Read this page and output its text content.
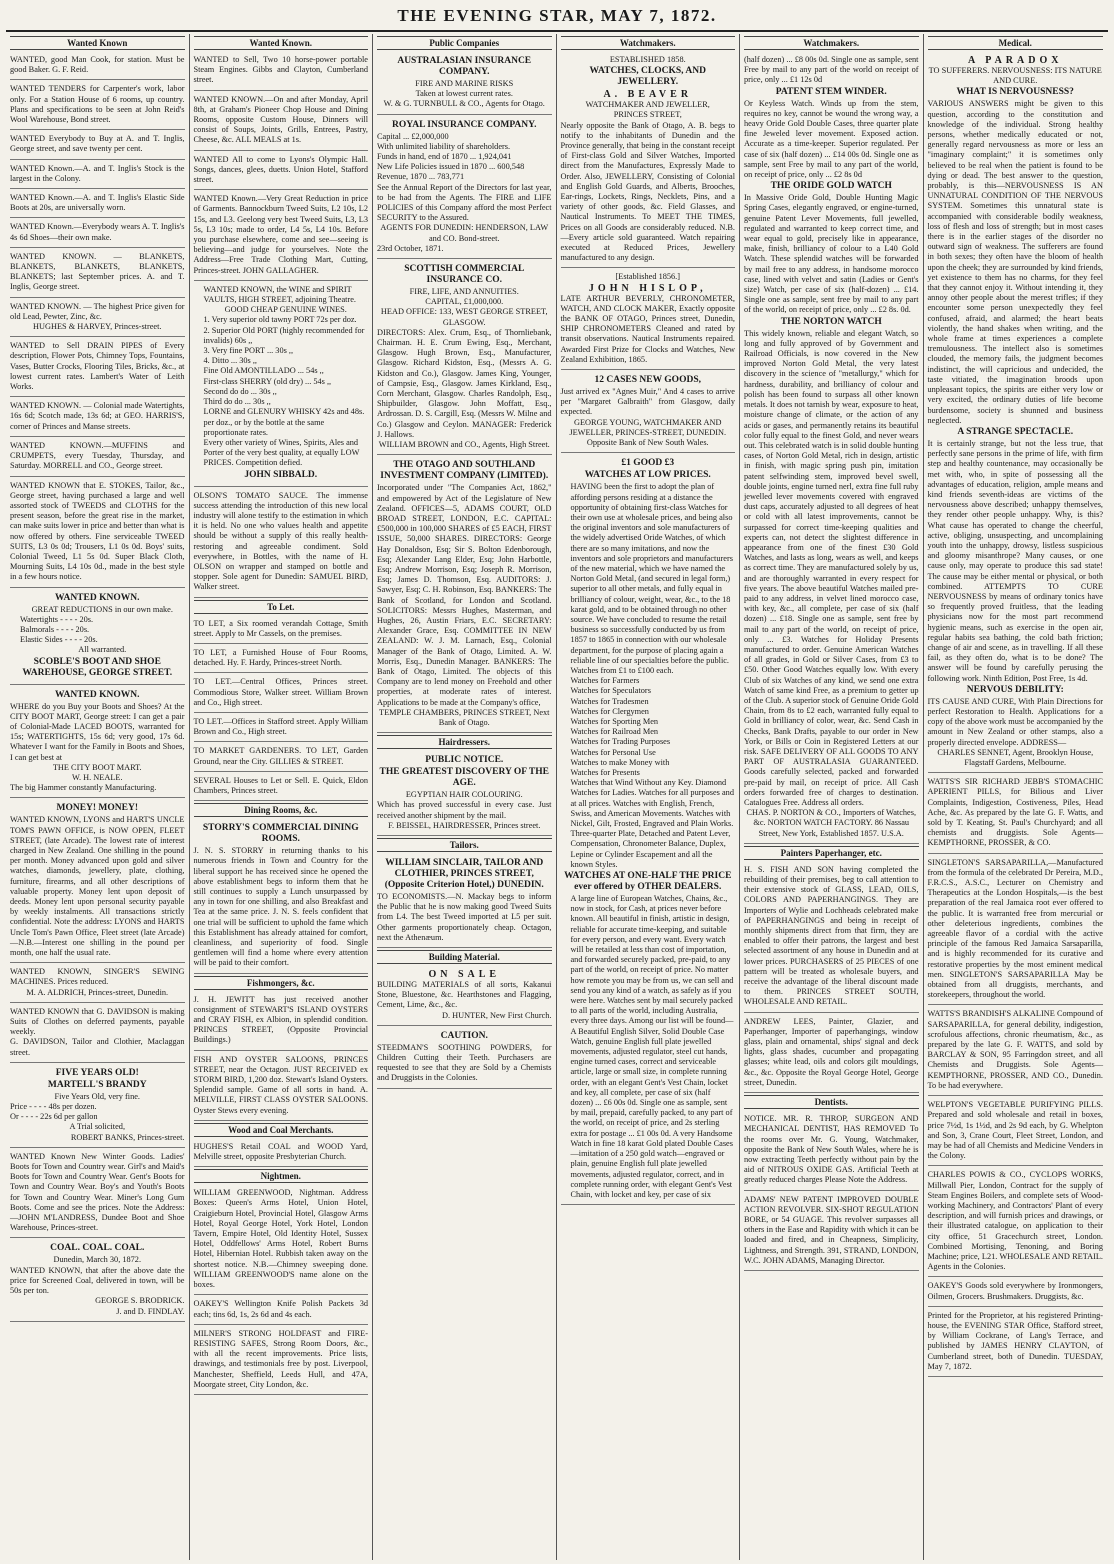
THE EVENING STAR, MAY 7, 1872.
Wanted Known

WANTED, good Man Cook, for station. Must be good Baker. G. F. Reid.

WANTED TENDERS for Carpenter's work, labor only. For a Station House of 6 rooms, up country. Plans and specifications to be seen at John Reid's Wool Warehouse, Bond street.

WANTED Everybody to Buy at A. and T. Inglis, George street, and save twenty per cent.

WANTED Known.—A. and T. Inglis's Stock is the largest in the Colony.

WANTED Known.—A. and T. Inglis's Elastic Side Boots at 20s, are universally worn.

WANTED Known.—Everybody wears A. T. Inglis's 4s 6d Shoes—their own make.

WANTED KNOWN. — BLANKETS, BLANKETS, BLANKETS, BLANKETS, BLANKETS; last September prices. A. and T. Inglis, George street.

WANTED KNOWN. — The highest Price given for old Lead, Pewter, Zinc, &c.

HUGHES & HARVEY, Princes-street.

WANTED to Sell DRAIN PIPES of Every description, Flower Pots, Chimney Tops, Fountains, Vases, Butter Crocks, Flooring Tiles, Bricks, &c., at lowest current rates. Lambert's Water of Leith Works.

WANTED KNOWN. — Colonial made Watertights, 16s 6d; Scotch made, 13s 6d; at GEO. HARRIS'S, corner of Princes and Manse streets.

WANTED KNOWN.—MUFFINS and CRUMPETS, every Tuesday, Thursday, and Saturday. MORRELL and CO., George street.

WANTED KNOWN that E. STOKES, Tailor, &c., George street, having purchased a large and well assorted stock of TWEEDS and CLOTHS for the present season, before the great rise in the market, can make suits lower in price and better than what is now offered by others. Fine serviceable TWEED SUITS, L3 0s 0d; Trousers, L1 0s 0d. Boys' suits, Colonial Tweed, L1 5s 0d. Super Black Cloth, Mourning Suits, L4 10s 0d., made in the best style in a few hours notice.

WANTED KNOWN.

GREAT REDUCTIONS in our own make.

Watertights - - - - 20s.

Balmorals - - - - 20s.

Elastic Sides - - - - 20s.

All warranted.

SCOBLE'S BOOT AND SHOE WAREHOUSE, GEORGE STREET.
WANTED KNOWN.

WHERE do you Buy your Boots and Shoes? At the CITY BOOT MART, George street: I can get a pair of Colonial-Made LACED BOOTS, warranted for 15s; WATERTIGHTS, 15s 6d; very good, 17s 6d. Whatever I want for the Family in Boots and Shoes, I can get best at

THE CITY BOOT MART.

W. H. NEALE.

The big Hammer constantly Manufacturing.

MONEY! MONEY!

WANTED KNOWN, LYONS and HART'S UNCLE TOM'S PAWN OFFICE, is NOW OPEN, FLEET STREET, (late Arcade). The lowest rate of interest charged in New Zealand. One shilling in the pound per month. Money advanced upon gold and silver watches, diamonds, jewellery, plate, clothing, furniture, firearms, and all other descriptions of valuable property. Money lent upon deposit of deeds. Money lent upon personal security payable by weekly instalments. All transactions strictly confidential. Note the address: LYONS and HARTS Uncle Tom's Pawn Office, Fleet street (late Arcade)—N.B.—Interest one shilling in the pound per month, one half the usual rate.

WANTED KNOWN, SINGER'S SEWING MACHINES. Prices reduced.

M. A. ALDRICH, Princes-street, Dunedin.

WANTED KNOWN that G. DAVIDSON is making Suits of Clothes on deferred payments, payable weekly.

G. DAVIDSON, Tailor and Clothier, Maclaggan street.

FIVE YEARS OLD!
MARTELL'S BRANDY

Five Years Old, very fine.

Price - - - - 48s per dozen.

Or - - - - 22s 6d per gallon

A Trial solicited,

ROBERT BANKS, Princes-street.

WANTED Known New Winter Goods. Ladies' Boots for Town and Country wear. Girl's and Maid's Boots for Town and Country Wear. Gent's Boots for Town and Country Wear. Boy's and Youth's Boots for Town and Country Wear. Miner's Long Gum Boots. Come and see the prices. Note the Address:—JOHN M'LANDRESS, Dundee Boot and Shoe Warehouse, Princes-street.

COAL. COAL. COAL.

Dunedin, March 30, 1872.

WANTED KNOWN, that after the above date the price for Screened Coal, delivered in town, will be 50s per ton.

GEORGE S. BRODRICK.

J. and D. FINDLAY.

Wanted Known.

WANTED to Sell, Two 10 horse-power portable Steam Engines. Gibbs and Clayton, Cumberland street.

WANTED KNOWN.—On and after Monday, April 8th, at Graham's Pioneer Chop House and Dining Rooms, opposite Custom House, Dinners will consist of Soups, Joints, Grills, Entrees, Pastry, Cheese, &c. ALL MEALS at 1s.

WANTED All to come to Lyons's Olympic Hall. Songs, dances, glees, duetts. Union Hotel, Stafford street.

WANTED Known.—Very Great Reduction in price of Garments. Bannockburn Tweed Suits, L2 10s, L2 15s, and L3. Geelong very best Tweed Suits, L3, L3 5s, L3 10s; made to order, L4 5s, L4 10s. Before you purchase elsewhere, come and see—seeing is believing—and judge for yourselves. Note the Address—Free Trade Clothing Mart, Cutting, Princes-street. JOHN GALLAGHER.

WANTED KNOWN, the WINE and SPIRIT VAULTS, HIGH STREET, adjoining Theatre.

GOOD CHEAP GENUINE WINES.

1. Very superior old tawny PORT 72s per doz.

2. Superior Old PORT (highly recommended for invalids) 60s ,,

3. Very fine PORT ... 30s ,,

4. Ditto ... 30s ,,

Fine Old AMONTILLADO ... 54s ,,

First-class SHERRY (old dry) ... 54s ,,

Second do do ... 30s ,,

Third do do ... 30s ,,

LORNE and GLENURY WHISKY 42s and 48s. per doz., or by the bottle at the same proportionate rates.

Every other variety of Wines, Spirits, Ales and Porter of the very best quality, at equally LOW PRICES. Competition defied.

JOHN SIBBALD.

OLSON'S TOMATO SAUCE. The immense success attending the introduction of this new local industry will alone testify to the estimation in which it is held. No one who values health and appetite should be without a supply of this really health-restoring and agreeable condiment. Sold everywhere, in Bottles, with the name of H. OLSON on wrapper and stamped on bottle and stopper. Sole agent for Dunedin: SAMUEL BIRD, Walker street.

To Let.

TO LET, a Six roomed verandah Cottage, Smith street. Apply to Mr Cassels, on the premises.

TO LET, a Furnished House of Four Rooms, detached. Hy. F. Hardy, Princes-street North.

TO LET.—Central Offices, Princes street. Commodious Store, Walker street. William Brown and Co., High street.

TO LET.—Offices in Stafford street. Apply William Brown and Co., High street.

TO MARKET GARDENERS. TO LET, Garden Ground, near the City. GILLIES & STREET.

SEVERAL Houses to Let or Sell. E. Quick, Eldon Chambers, Princes street.

Dining Rooms, &c.
STORRY'S COMMERCIAL DINING ROOMS.

J. N. S. STORRY in returning thanks to his numerous friends in Town and Country for the liberal support he has received since he opened the above establishment begs to inform them that he still continues to supply a Lunch unsurpassed by any in town for one shilling, and also Breakfast and Tea at the same price. J. N. S. feels confident that one trial will be sufficient to uphold the fame which this Establishment has already attained for comfort, cleanliness, and superiority of food. Single gentlemen will find a home where every attention will be paid to their comfort.

Fishmongers, &c.

J. H. JEWITT has just received another consignment of STEWART'S ISLAND OYSTERS and CRAY FISH, ex Albion, in splendid condition. PRINCES STREET, (Opposite Provincial Buildings.)

FISH AND OYSTER SALOONS, PRINCES STREET, near the Octagon. JUST RECEIVED ex STORM BIRD, 1,200 doz. Stewart's Island Oysters. Splendid sample. Game of all sorts in hand. A. MELVILLE, FIRST CLASS OYSTER SALOONS. Oyster Stews every evening.

Wood and Coal Merchants.

HUGHES'S Retail COAL and WOOD Yard, Melville street, opposite Presbyterian Church.

Nightmen.

WILLIAM GREENWOOD, Nightman. Address Boxes: Queen's Arms Hotel, Union Hotel, Craigieburn Hotel, Provincial Hotel, Glasgow Arms Hotel, Royal George Hotel, York Hotel, London Tavern, Empire Hotel, Old Identity Hotel, Sussex Hotel, Oddfellows' Arms Hotel, Robert Burns Hotel, Hibernian Hotel. Rubbish taken away on the shortest notice. N.B.—Chimney sweeping done. WILLIAM GREENWOOD'S name alone on the boxes.

OAKEY'S Wellington Knife Polish Packets 3d each; tins 6d, 1s, 2s 6d and 4s each.

MILNER'S STRONG HOLDFAST and FIRE-RESISTING SAFES, Strong Room Doors, &c., with all the recent improvements. Price lists, drawings, and testimonials free by post. Liverpool, Manchester, Sheffield, Leeds Hull, and 47A, Moorgate street, City London, &c.

Public Companies
AUSTRALASIAN INSURANCE COMPANY.

FIRE AND MARINE RISKS

Taken at lowest current rates.

W. & G. TURNBULL & CO., Agents for Otago.

ROYAL INSURANCE COMPANY.

Capital ... £2,000,000

With unlimited liability of shareholders.

Funds in hand, end of 1870 ... 1,924,041

New Life Policies issued in 1870 ... 600,548

Revenue, 1870 ... 783,771

See the Annual Report of the Directors for last year, to be had from the Agents. The FIRE and LIFE POLICIES of this Company afford the most Perfect SECURITY to the Assured.

AGENTS FOR DUNEDIN: HENDERSON, LAW and CO. Bond-street.

23rd October, 1871.

SCOTTISH COMMERCIAL INSURANCE CO.

FIRE, LIFE, AND ANNUITIES.

CAPITAL, £1,000,000.

HEAD OFFICE: 133, WEST GEORGE STREET, GLASGOW.

DIRECTORS: Alex. Crum, Esq., of Thornliebank, Chairman. H. E. Crum Ewing, Esq., Merchant, Glasgow. Hugh Brown, Esq., Manufacturer, Glasgow. Richard Kidston, Esq., (Messrs A. G. Kidston and Co.), Glasgow. James King, Younger, of Campsie, Esq., Glasgow. James Kirkland, Esq., Corn Merchant, Glasgow. Charles Randolph, Esq., Shipbuilder, Glasgow. John Moffatt, Esq., Ardrossan. D. S. Cargill, Esq. (Messrs W. Milne and Co.) Glasgow and Ceylon. MANAGER: Frederick J. Hallows.

WILLIAM BROWN and CO., Agents, High Street.

THE OTAGO AND SOUTHLAND INVESTMENT COMPANY (LIMITED).

Incorporated under "The Companies Act, 1862," and empowered by Act of the Legislature of New Zealand. OFFICES—5, ADAMS COURT, OLD BROAD STREET, LONDON, E.C. CAPITAL: £500,000 in 100,000 SHARES of £5 EACH, FIRST ISSUE, 50,000 SHARES. DIRECTORS: George Hay Donaldson, Esq; Sir S. Bolton Edenborough, Esq; Alexander Lang Elder, Esq; John Harbottle, Esq; Andrew Morrison, Esq; Joseph R. Morrison, Esq; James D. Thomson, Esq. AUDITORS: J. Sawyer, Esq; C. H. Robinson, Esq. BANKERS: The Bank of Scotland, for London and Scotland. SOLICITORS: Messrs Hughes, Masterman, and Hughes, 26, Austin Friars, E.C. SECRETARY: Alexander Grace, Esq. COMMITTEE IN NEW ZEALAND: W. J. M. Larnach, Esq., Colonial Manager of the Bank of Otago, Limited. A. W. Morris, Esq., Dunedin Manager. BANKERS: The Bank of Otago, Limited. The objects of this Company are to lend money on Freehold and other properties, at moderate rates of interest. Applications to be made at the Company's office,

TEMPLE CHAMBERS, PRINCES STREET, Next Bank of Otago.

Hairdressers.
PUBLIC NOTICE.
THE GREATEST DISCOVERY OF THE AGE.

EGYPTIAN HAIR COLOURING.

Which has proved successful in every case. Just received another shipment by the mail.

F. BEISSEL, HAIRDRESSER, Princes street.

Tailors.
WILLIAM SINCLAIR, TAILOR AND CLOTHIER, PRINCES STREET, (Opposite Criterion Hotel,) DUNEDIN.

TO ECONOMISTS.—N. Mackay begs to inform the Public that he is now making good Tweed Suits from L4. The best Tweed imported at L5 per suit. Other garments proportionately cheap. Octagon, next the Athenæum.

Building Material.
ON SALE

BUILDING MATERIALS of all sorts, Kakanui Stone, Bluestone, &c. Hearthstones and Flagging, Cement, Lime, &c., &c.

D. HUNTER, New First Church.

CAUTION.

STEEDMAN'S SOOTHING POWDERS, for Children Cutting their Teeth. Purchasers are requested to see that they are Sold by a Chemists and Druggists in the Colonies.

Watchmakers.

ESTABLISHED 1858.

WATCHES, CLOCKS, AND JEWELLERY.
A. BEAVER

WATCHMAKER AND JEWELLER,

PRINCES STREET,

Nearly opposite the Bank of Otago, A. B. begs to notify to the inhabitants of Dunedin and the Province generally, that being in the constant receipt of First-class Gold and Silver Watches, Imported direct from the Manufactures, Expressly Made to Order. Also, JEWELLERY, Consisting of Colonial and English Gold Guards, and Alberts, Brooches, Ear-rings, Lockets, Rings, Necklets, Pins, and a variety of other goods, &c. Field Glasses, and Nautical Instruments. To MEET THE TIMES, Prices on all Goods are considerably reduced. N.B.—Every article sold guaranteed. Watch repairing executed at Reduced Prices, Jewellery manufactured to any design.

[Established 1856.]

JOHN HISLOP,

LATE ARTHUR BEVERLY, CHRONOMETER, WATCH, AND CLOCK MAKER, Exactly opposite the BANK OF OTAGO, Princes street, Dunedin, SHIP CHRONOMETERS Cleaned and rated by transit observations. Nautical Instruments repaired. Awarded First Prize for Clocks and Watches, New Zealand Exhibition, 1865.

12 CASES NEW GOODS,

Just arrived ex "Agnes Muir," And 4 cases to arrive per "Margaret Galbraith" from Glasgow, daily expected.

GEORGE YOUNG, WATCHMAKER AND JEWELLER, PRINCES-STREET, DUNEDIN. Opposite Bank of New South Wales.

£1 GOOD £3
WATCHES AT LOW PRICES.

HAVING been the first to adopt the plan of affording persons residing at a distance the opportunity of obtaining first-class Watches for their own use at wholesale prices, and being also the original inventors and sole manufacturers of the widely advertised Oride Watches, of which there are so many imitations, and now the inventors and sole proprietors and manufacturers of the new material, which we have named the Norton Gold Metal, (and secured in legal form,) superior to all other metals, and fully equal in brilliancy of colour, weight, wear, &c., to the 18 karat gold, and to be obtained through no other source. We have concluded to resume the retail business so successfully conducted by us from 1857 to 1865 in connection with our wholesale department, for the purpose of placing again a reliable line of our specialties before the public.

Watches from £1 to £100 each.

Watches for Farmers

Watches for Speculators

Watches for Tradesmen

Watches for Clergymen

Watches for Sporting Men

Watches for Railroad Men

Watches for Trading Purposes

Watches for Personal Use

Watches to make Money with

Watches for Presents

Watches that Wind Without any Key. Diamond Watches for Ladies. Watches for all purposes and at all prices. Watches with English, French, Swiss, and American Movements. Watches with Nickel, Gilt, Frosted, Engraved and Plain Works. Three-quarter Plate, Detached and Patent Lever, Compensation, Chronometer Balance, Duplex, Lepine or Cylinder Escapement and all the known Styles.

WATCHES AT ONE-HALF THE PRICE ever offered by OTHER DEALERS.

A large line of European Watches, Chains, &c., now in stock, for Cash, at prices never before known. All beautiful in finish, artistic in design, reliable for accurate time-keeping, and suitable for every person, and every want. Every watch will be retailed at less than cost of importation, and forwarded securely packed, pre-paid, to any part of the world, on receipt of price. No matter how remote you may be from us, we can sell and send you any kind of a watch, as safely as if you were here. Watches sent by mail securely packed to all parts of the world, including Australia, every three days. Among our list will be found—A Beautiful English Silver, Solid Double Case Watch, genuine English full plate jewelled movements, adjusted regulator, steel cut hands, engine turned cases, correct and serviceable article, large or small size, in complete running order, with an elegant Gent's Vest Chain, locket and key, all complete, per case of six (half dozen) ... £6 00s 0d. Single one as sample, sent by mail, prepaid, carefully packed, to any part of the world, on receipt of price, and 2s sterling extra for postage ... £1 00s 0d. A very Handsome Watch in fine 18 karat Gold plated Double Cases—imitation of a 250 gold watch—engraved or plain, genuine English full plate jewelled movements, adjusted regulator, correct, and in complete running order, with elegant Gent's Vest Chain, with locket and key, per case of six

Watchmakers.

(half dozen) ... £8 00s 0d. Single one as sample, sent Free by mail to any part of the world on receipt of price, only ... £1 12s 0d

PATENT STEM WINDER.

Or Keyless Watch. Winds up from the stem, requires no key, cannot be wound the wrong way, a heavy Oride Gold Double Cases, three quarter plate fine Jeweled lever movement. Exposed action. Accurate as a time-keeper. Superior regulated. Per case of six (half dozen) ... £14 00s 0d. Single one as sample, sent Free by mail to any part of the world, on receipt of price, only ... £2 8s 0d

THE ORIDE GOLD WATCH

In Massive Oride Gold, Double Hunting Magic Spring Cases, elegantly engraved, or engine-turned, genuine Patent Lever Movements, full jewelled, regulated and warranted to keep correct time, and wear equal to gold, precisely like in appearance, make, finish, brilliancy of colour to a L40 Gold Watch. These splendid watches will be forwarded by mail free to any address, in handsome morocco case, lined with velvet and satin (Ladies or Gent's size) Watch, per case of six (half-dozen) ... £14. Single one as sample, sent free by mail to any part of the world, on receipt of price, only ... £2 8s. 0d.

THE NORTON WATCH

This widely known, reliable and elegant Watch, so long and fully approved of by Government and Railroad Officials, is now covered in the New improved Norton Gold Metal, the very latest discovery in the science of "metallurgy," which for hardness, durability, and brilliancy of colour and polish has been found to surpass all other known metals. It does not tarnish by wear, exposure to heat, moisture change of climate, or the action of any acids or gases, and permanently retains its beautiful color fully equal to the finest Gold, and never wears out. This celebrated watch is in solid double hunting cases, of Norton Gold Metal, rich in design, artistic in finish, with magic spring push pin, imitation patent selfwinding stem, improved bevel swell, double joints, engine turned nerl, extra fine full ruby jewelled lever movements covered with engraved dust caps, accurately adjusted to all degrees of heat or cold with all latest improvements, cannot be surpassed for correct time-keeping qualities and experts can, not detect the slightest difference in appearance from one of the finest £30 Gold Watches, and lasts as long, wears as well, and keeps as correct time. They are manufactured solely by us, and are thoroughly warranted in every respect for five years. The above beautiful Watches mailed pre-paid to any address, in velvet lined morocco case, with key, &c., all complete, per case of six (half dozen) ... £18. Single one as sample, sent free by mail to any part of the world, on receipt of price, only ... £3. Watches for Holiday Presents manufactured to order. Genuine American Watches of all grades, in Gold or Silver Cases, from £3 to £50. Other Good Watches equally low. With every Club of six Watches of any kind, we send one extra Watch of same kind Free, as a premium to getter up of the Club. A superior stock of Genuine Oride Gold Chain, from 8s to £2 each, warranted fully equal to Gold in brilliancy of color, wear, &c. Send Cash in Checks, Bank Drafts, payable to our order in New York, or Bills or Coin in Registered Letters at our risk. SAFE DELIVERY OF ALL GOODS TO ANY PART OF AUSTRALASIA GUARANTEED. Goods carefully selected, packed and forwarded pre-paid by mail, on receipt of price. All Cash orders forwarded free of charges to destination. Catalogues Free. Address all orders.

CHAS. P. NORTON & CO., Importers of Watches, &c. NORTON WATCH FACTORY. 86 Nassau Street, New York, Established 1857. U.S.A.

Painters Paperhanger, etc.

H. S. FISH AND SON having completed the rebuilding of their premises, beg to call attention to their extensive stock of GLASS, LEAD, OILS, COLORS AND PAPERHANGINGS. They are Importers of Wylie and Lochheads celebrated make of PAPERHANGINGS and being in receipt of monthly shipments direct from that firm, they are enabled to offer their patrons, the largest and best selected assortment of any house in Dunedin and at lower prices. PURCHASERS of 25 PIECES of one pattern will be treated as wholesale buyers, and receive the advantage of the liberal discount made to them. PRINCES STREET SOUTH, WHOLESALE AND RETAIL.

ANDREW LEES, Painter, Glazier, and Paperhanger, Importer of paperhangings, window glass, plain and ornamental, ships' signal and deck lights, glass shades, cucumber and propagating glasses; white lead, oils and colors gilt mouldings, &c., &c. Opposite the Royal George Hotel, George street, Dunedin.

Dentists.

NOTICE. MR. R. THROP, SURGEON AND MECHANICAL DENTIST, HAS REMOVED To the rooms over Mr. G. Young, Watchmaker, opposite the Bank of New South Wales, where he is now extracting Teeth perfectly without pain by the aid of NITROUS OXIDE GAS. Artificial Teeth at greatly reduced charges Please Note the Address.

ADAMS' NEW PATENT IMPROVED DOUBLE ACTION REVOLVER. SIX-SHOT REGULATION BORE, or 54 GUAGE. This revolver surpasses all others in the Ease and Rapidity with which it can be loaded and fired, and in Cheapness, Simplicity, Lightness, and Strength. 391, STRAND, LONDON, W.C. JOHN ADAMS, Managing Director.

Medical.
A PARADOX

TO SUFFERERS. NERVOUSNESS: ITS NATURE AND CURE.

WHAT IS NERVOUSNESS?

VARIOUS ANSWERS might be given to this question, according to the constitution and knowledge of the individual. Strong healthy persons, whether medically educated or not, generally regard nervousness as more or less an "imaginary complaint;" it is sometimes only believed to be real when the patient is found to be dying or dead. The best answer to the question, probably, is this—NERVOUSNESS IS AN UNNATURAL CONDITION OF THE NERVOUS SYSTEM. Sometimes this unnatural state is accompanied with considerable bodily weakness, loss of flesh and loss of strength; but in most cases there is in the earlier stages of the disorder no outward sign of weakness. The sufferers are found in both sexes; they often have the bloom of health upon the cheek; they are surrounded by kind friends, yet existence to them has no charms, for they feel that they cannot enjoy it. Without intending it, they annoy other people about the merest trifles; if they encounter some person unexpectedly they feel confused, afraid, and alarmed; the heart beats violently, the hand shakes when writing, and the whole frame at times experiences a complete tremulousness. The intellect also is sometimes clouded, the memory fails, the judgment becomes indistinct, the will capricious and undecided, the taste vitiated, the imagination broods upon unpleasant topics, the spirits are either very low or very excited, the ordinary duties of life become burdensome, society is shunned and business neglected.

A STRANGE SPECTACLE.

It is certainly strange, but not the less true, that perfectly sane persons in the prime of life, with firm step and healthy countenance, may occasionally be met with, who, in spite of possessing all the advantages of education, religion, ample means and kind friends seventh-ideas are victims of the nervousness above described; unhappy themselves, they render other people unhappy. Why, is this? What cause has operated to change the cheerful, active, obliging, unsuspecting, and uncomplaining youth into the unhappy, drowsy, listless suspicious and gloomy misanthrope? Many causes, or one cause only, may operate to produce this sad state! The cause may be either mental or physical, or both combined. ATTEMPTS TO CURE NERVOUSNESS by means of ordinary tonics have so frequently proved fruitless, that the leading physicians now for the most part recommend hygienic means, such as exercise in the open air, regular habits sea bathing, the cold bath friction; change of air and scene, as in travelling. If all these fail, as they often do, what is to be done? The answer will be found by carefully perusing the following work. Ninth Edition, Post Free, 1s 4d.

NERVOUS DEBILITY:

ITS CAUSE AND CURE, With Plain Directions for perfect Restoration to Health. Applications for a copy of the above work must be accompanied by the amount in New Zealand or other stamps, also a properly directed envelope. ADDRESS—

CHARLES SENNET, Agent, Brooklyn House, Flagstaff Gardens, Melbourne.

WATTS'S SIR RICHARD JEBB'S STOMACHIC APERIENT PILLS, for Bilious and Liver Complaints, Indigestion, Costiveness, Piles, Head Ache, &c. As prepared by the late G. F. Watts, and sold by T. Keating, St. Paul's Churchyard; and all chemists and druggists. Sole Agents—KEMPTHORNE, PROSSER, & CO.

SINGLETON'S SARSAPARILLA,—Manufactured from the formula of the celebrated Dr Pereira, M.D., F.R.C.S., A.S.C., Lecturer on Chemistry and Therapeutics at the London Hospitals,—is the best preparation of the real Jamaica root ever offered to the public. It is warranted free from mercurial or other deleterious ingredients, combines the agreeable flavor of a cordial with the active principle of the famous Red Jamaica Sarsaparilla, and is highly recommended for its curative and restorative properties by the most eminent medical men. SINGLETON'S SARSAPARILLA May be obtained from all druggists, merchants, and storekeepers, throughout the world.

WATTS'S BRANDISH'S ALKALINE Compound of SARSAPARILLA, for general debility, indigestion, scrofulous affections, chronic rheumatism, &c., as prepared by the late G. F. WATTS, and sold by BARCLAY & SON, 95 Farringdon street, and all Chemists and Druggists. Sole Agents—KEMPTHORNE, PROSSER, AND CO., Dunedin. To be had everywhere.

WELPTON'S VEGETABLE PURIFYING PILLS. Prepared and sold wholesale and retail in boxes, price 7½d, 1s 1½d, and 2s 9d each, by G. Whelpton and Son, 3, Crane Court, Fleet Street, London, and may be had of all Chemists and Medicine Venders in the Colony.

CHARLES POWIS & CO., CYCLOPS WORKS, Millwall Pier, London, Contract for the supply of Steam Engines Boilers, and complete sets of Wood-working Machinery, and Contractors' Plant of every description, and will furnish prices and drawings, or their illustrated catalogue, on application to their city office, 51 Gracechurch street, London. Combined Mortising, Tenoning, and Boring Machine; price, L21. WHOLESALE AND RETAIL. Agents in the Colonies.

OAKEY'S Goods sold everywhere by Ironmongers, Oilmen, Grocers. Brushmakers. Druggists, &c.

Printed for the Proprietor, at his registered Printing-house, the EVENING STAR Office, Stafford street, by William Cockrane, of Lang's Terrace, and published by JAMES HENRY CLAYTON, of Cumberland street, both of Dunedin. TUESDAY, May 7, 1872.
